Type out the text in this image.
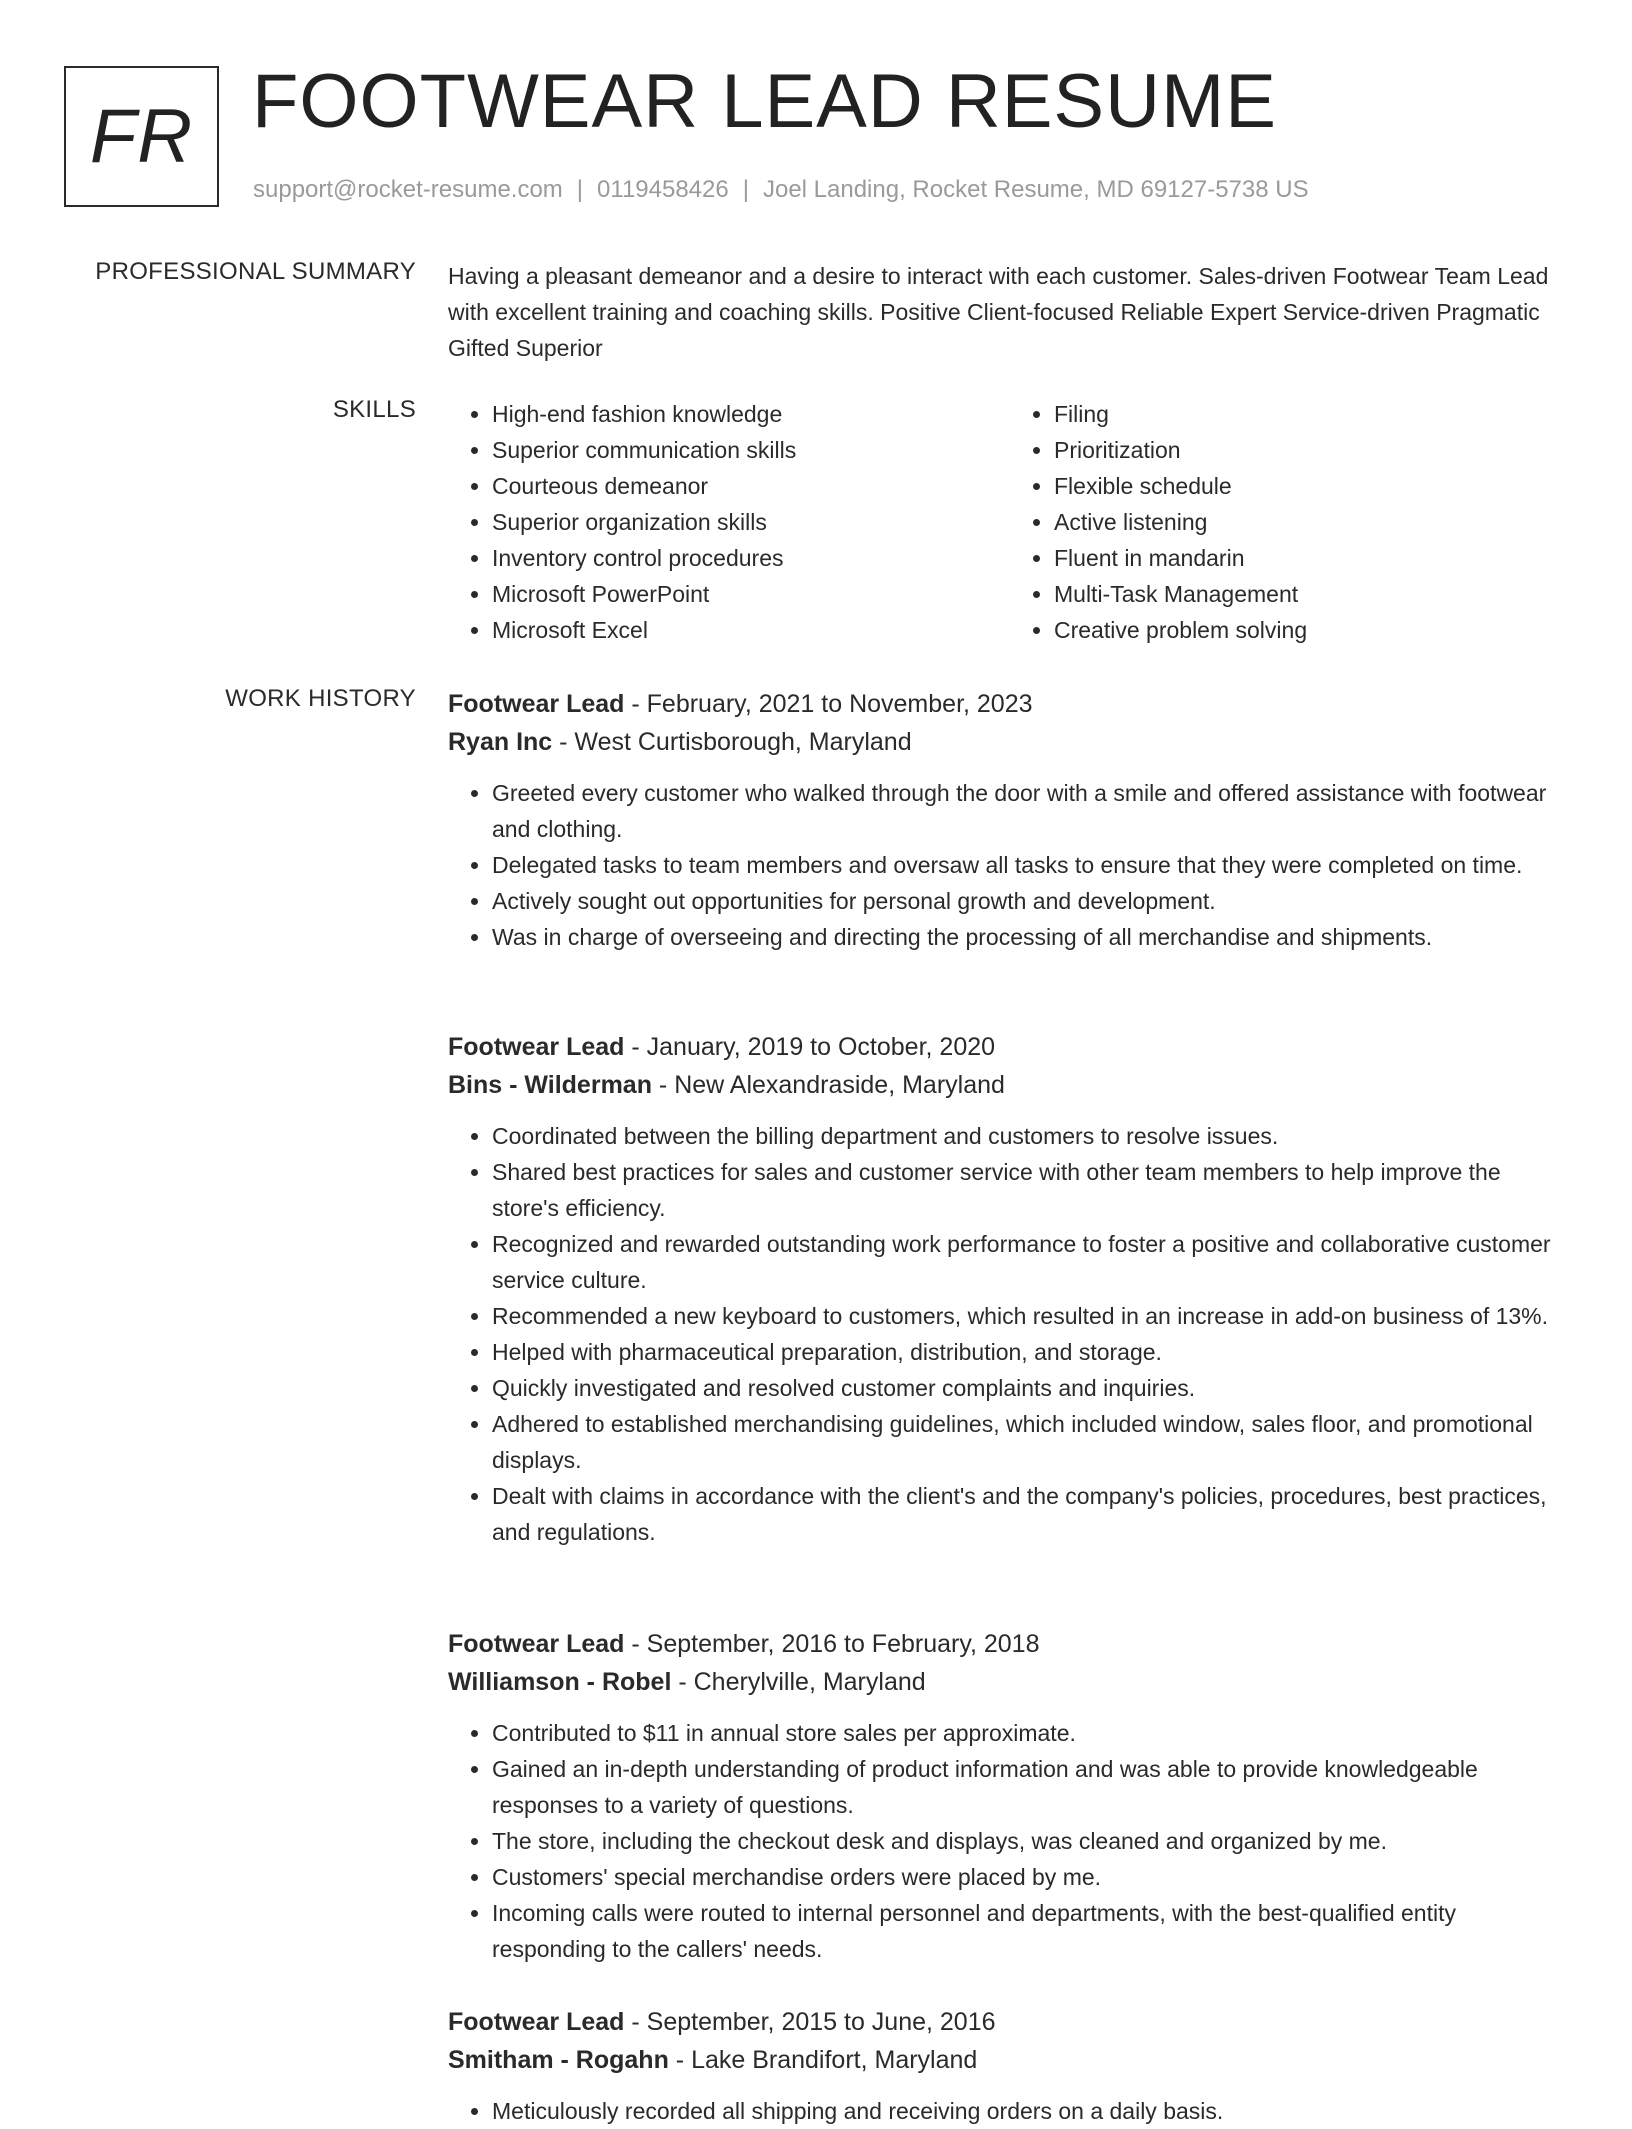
FR FOOTWEAR LEAD RESUME
support@rocket-resume.com | 0119458426 | Joel Landing, Rocket Resume, MD 69127-5738 US
PROFESSIONAL SUMMARY Having a pleasant demeanor and a desire to interact with each customer. Sales-driven Footwear Team Lead with excellent training and coaching skills. Positive Client-focused Reliable Expert Service-driven Pragmatic Gifted Superior
SKILLS
•	High-end fashion knowledge
• Superior communication skills
• Courteous demeanor
• Superior organization skills
• Inventory control procedures
• Microsoft PowerPoint
• Microsoft Excel
• Filing
• Prioritization
• Flexible schedule
• Active listening
• Fluent in mandarin
• Multi-Task Management
• Creative problem solving
WORK HISTORY Footwear Lead - February, 2021 to November, 2023
Ryan Inc - West Curtisborough, Maryland
• Greeted every customer who walked through the door with a smile and offered assistance with footwear and clothing.
• Delegated tasks to team members and oversaw all tasks to ensure that they were completed on time.
• Actively sought out opportunities for personal growth and development.
• Was in charge of overseeing and directing the processing of all merchandise and shipments.
Footwear Lead - January, 2019 to October, 2020
Bins - Wilderman - New Alexandraside, Maryland
• Coordinated between the billing department and customers to resolve issues.
• Shared best practices for sales and customer service with other team members to help improve the store's efficiency.
• Recognized and rewarded outstanding work performance to foster a positive and collaborative customer service culture.
• Recommended a new keyboard to customers, which resulted in an increase in add-on business of 13%.
• Helped with pharmaceutical preparation, distribution, and storage.
• Quickly investigated and resolved customer complaints and inquiries.
• Adhered to established merchandising guidelines, which included window, sales floor, and promotional displays.
• Dealt with claims in accordance with the client's and the company's policies, procedures, best practices, and regulations.
Footwear Lead - September, 2016 to February, 2018
Williamson - Robel - Cherylville, Maryland
• Contributed to $11 in annual store sales per approximate.
• Gained an in-depth understanding of product information and was able to provide knowledgeable responses to a variety of questions.
• The store, including the checkout desk and displays, was cleaned and organized by me.
• Customers' special merchandise orders were placed by me.
• Incoming calls were routed to internal personnel and departments, with the best-qualified entity responding to the callers' needs.
Footwear Lead - September, 2015 to June, 2016
Smitham - Rogahn - Lake Brandifort, Maryland
• Meticulously recorded all shipping and receiving orders on a daily basis.
